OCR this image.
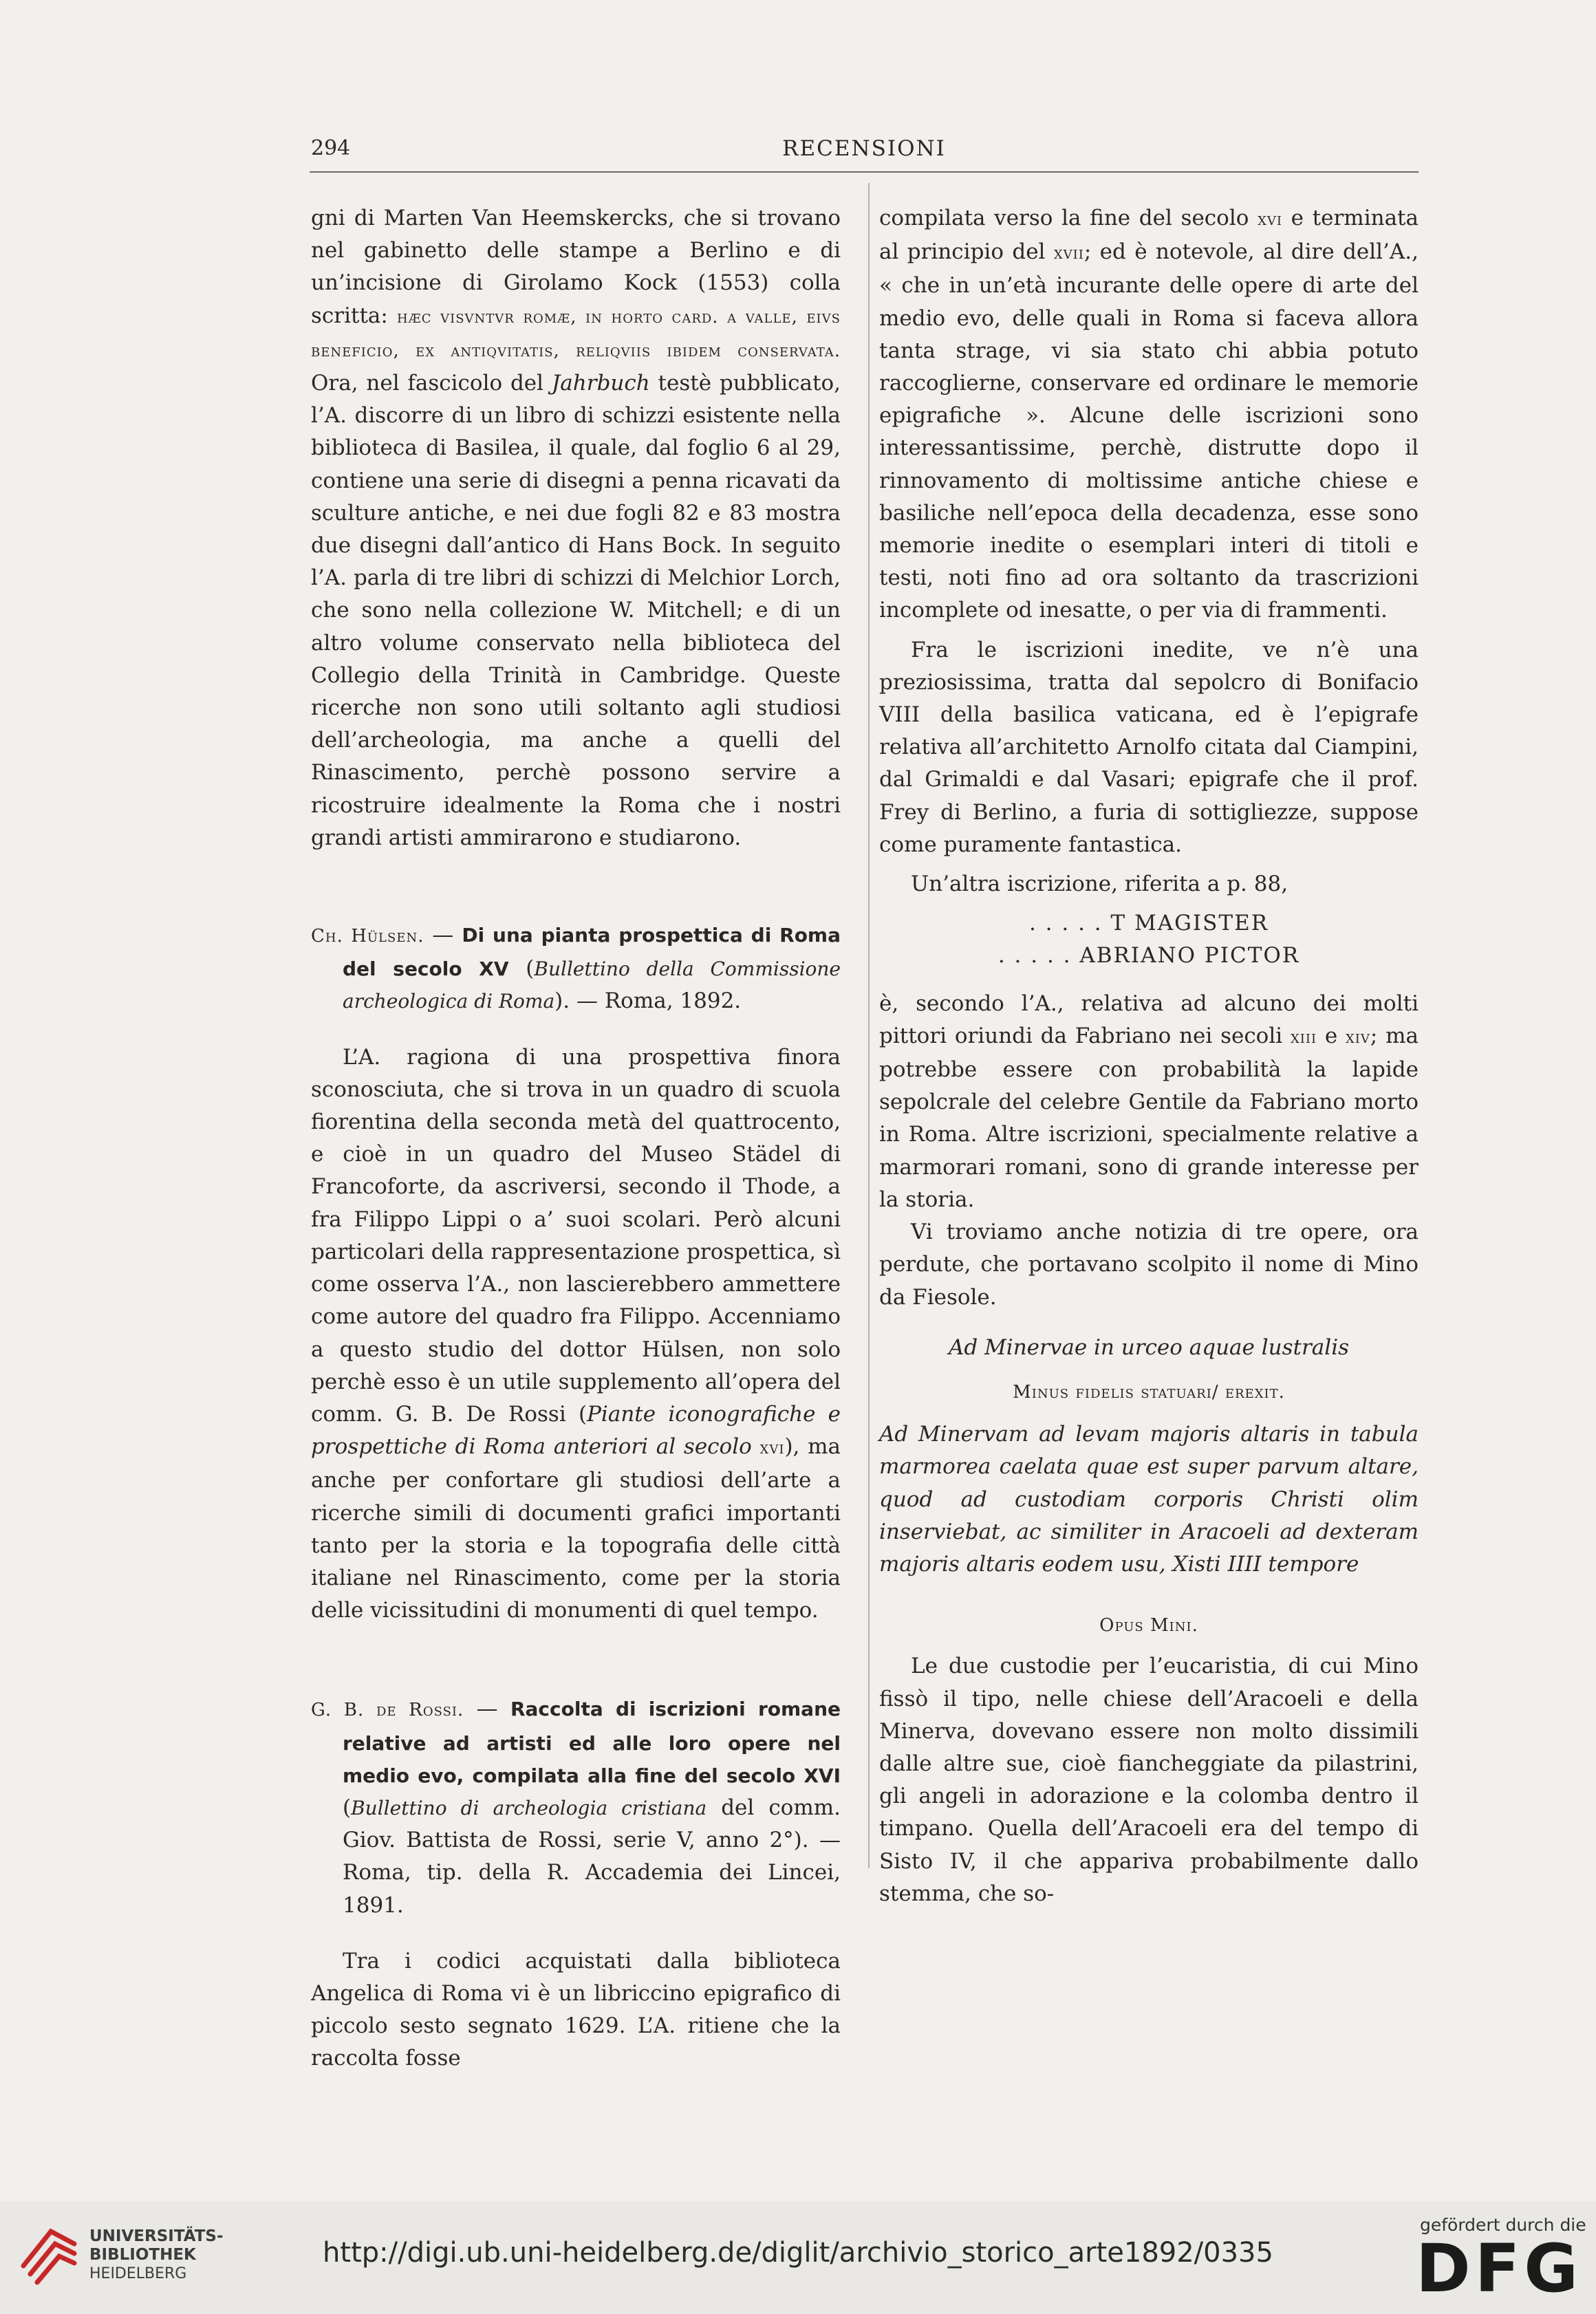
294	RECENSIONI

gni di Marten Van Heemskercks, che si trovano nel gabinetto delle stampe a Berlino e di un’incisione di Girolamo Kock (1553) colla scritta: hæc visvntvr romæ, in horto card. a valle, eivs beneficio, ex antiqvitatis, reliqviis ibidem conservata. Ora, nel fascicolo del Jahrbuch testè pubblicato, l’A. discorre di un libro di schizzi esistente nella biblioteca di Basilea, il quale, dal foglio 6 al 29, contiene una serie di disegni a penna ricavati da sculture antiche, e nei due fogli 82 e 83 mostra due disegni dall’antico di Hans Bock. In seguito l’A. parla di tre libri di schizzi di Melchior Lorch, che sono nella collezione W. Mitchell; e di un altro volume conservato nella biblioteca del Collegio della Trinità in Cambridge. Queste ricerche non sono utili soltanto agli studiosi dell’archeologia, ma anche a quelli del Rinascimento, perchè possono servire a ricostruire idealmente la Roma che i nostri grandi artisti ammirarono e studiarono.

Ch. Hülsen. — Di una pianta prospettica di Roma del secolo XV (Bullettino della Commissione archeologica di Roma). — Roma, 1892.

L’A. ragiona di una prospettiva finora sconosciuta, che si trova in un quadro di scuola fiorentina della seconda metà del quattrocento, e cioè in un quadro del Museo Städel di Francoforte, da ascriversi, secondo il Thode, a fra Filippo Lippi o a’ suoi scolari. Però alcuni particolari della rappresentazione prospettica, sì come osserva l’A., non lascierebbero ammettere come autore del quadro fra Filippo. Accenniamo a questo studio del dottor Hülsen, non solo perchè esso è un utile supplemento all’opera del comm. G. B. De Rossi (Piante iconografiche e prospettiche di Roma anteriori al secolo xvi), ma anche per confortare gli studiosi dell’arte a ricerche simili di documenti grafici importanti tanto per la storia e la topografia delle città italiane nel Rinascimento, come per la storia delle vicissitudini di monumenti di quel tempo.

G. B. de Rossi. — Raccolta di iscrizioni romane relative ad artisti ed alle loro opere nel medio evo, compilata alla fine del secolo XVI (Bullettino di archeologia cristiana del comm. Giov. Battista de Rossi, serie V, anno 2°). — Roma, tip. della R. Accademia dei Lincei, 1891.

Tra i codici acquistati dalla biblioteca Angelica di Roma vi è un libriccino epigrafico di piccolo sesto segnato 1629. L’A. ritiene che la raccolta fosse

compilata verso la fine del secolo xvi e terminata al principio del xvii; ed è notevole, al dire dell’A., « che in un’età incurante delle opere di arte del medio evo, delle quali in Roma si faceva allora tanta strage, vi sia stato chi abbia potuto raccoglierne, conservare ed ordinare le memorie epigrafiche ». Alcune delle iscrizioni sono interessantissime, perchè, distrutte dopo il rinnovamento di moltissime antiche chiese e basiliche nell’epoca della decadenza, esse sono memorie inedite o esemplari interi di titoli e testi, noti fino ad ora soltanto da trascrizioni incomplete od inesatte, o per via di frammenti.

Fra le iscrizioni inedite, ve n’è una preziosissima, tratta dal sepolcro di Bonifacio VIII della basilica vaticana, ed è l’epigrafe relativa all’architetto Arnolfo citata dal Ciampini, dal Grimaldi e dal Vasari; epigrafe che il prof. Frey di Berlino, a furia di sottigliezze, suppose come puramente fantastica.

Un’altra iscrizione, riferita a p. 88,

. . . . . T MAGISTER

. . . . . ABRIANO PICTOR

è, secondo l’A., relativa ad alcuno dei molti pittori oriundi da Fabriano nei secoli xiii e xiv; ma potrebbe essere con probabilità la lapide sepolcrale del celebre Gentile da Fabriano morto in Roma. Altre iscrizioni, specialmente relative a marmorari romani, sono di grande interesse per la storia.

Vi troviamo anche notizia di tre opere, ora perdute, che portavano scolpito il nome di Mino da Fiesole.

Ad Minervae in urceo aquae lustralis

Minus fidelis statuari/ erexit.

Ad Minervam ad levam majoris altaris in tabula marmorea caelata quae est super parvum altare, quod ad custodiam corporis Christi olim inserviebat, ac similiter in Aracoeli ad dexteram majoris altaris eodem usu, Xisti IIII tempore

Opus Mini.

Le due custodie per l’eucaristia, di cui Mino fissò il tipo, nelle chiese dell’Aracoeli e della Minerva, dovevano essere non molto dissimili dalle altre sue, cioè fiancheggiate da pilastrini, gli angeli in adorazione e la colomba dentro il timpano. Quella dell’Aracoeli era del tempo di Sisto IV, il che appariva probabilmente dallo stemma, che so-

UNIVERSITÄTS-
BIBLIOTHEK
HEIDELBERG
http://digi.ub.uni-heidelberg.de/diglit/archivio_storico_arte1892/0335
gefördert durch die
DFG
